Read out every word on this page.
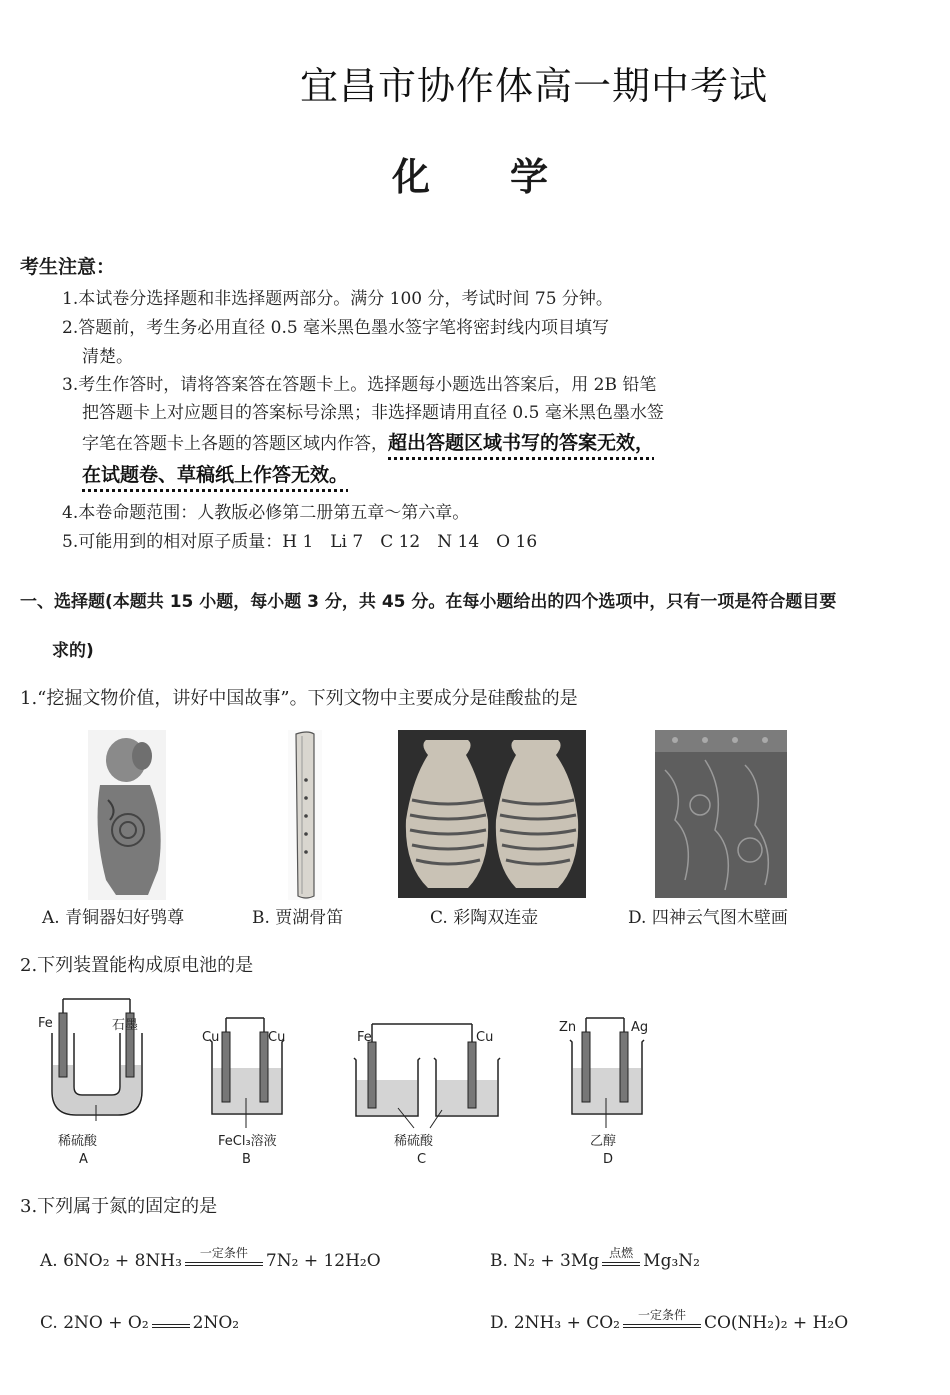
宜昌市协作体高一期中考试
化学
考生注意：
1.本试卷分选择题和非选择题两部分。满分 100 分，考试时间 75 分钟。
2.答题前，考生务必用直径 0.5 毫米黑色墨水签字笔将密封线内项目填写
清楚。
3.考生作答时，请将答案答在答题卡上。选择题每小题选出答案后，用 2B 铅笔
把答题卡上对应题目的答案标号涂黑；非选择题请用直径 0.5 毫米黑色墨水签
字笔在答题卡上各题的答题区域内作答，超出答题区域书写的答案无效，
在试题卷、草稿纸上作答无效。
4.本卷命题范围：人教版必修第二册第五章～第六章。
5.可能用到的相对原子质量：H 1　Li 7　C 12　N 14　O 16
一、选择题(本题共 15 小题，每小题 3 分，共 45 分。在每小题给出的四个选项中，只有一项是符合题目要
求的)
1.“挖掘文物价值，讲好中国故事”。下列文物中主要成分是硅酸盐的是
A. 青铜器妇好鸮尊	B. 贾湖骨笛	C. 彩陶双连壶	D. 四神云气图木壁画
2.下列装置能构成原电池的是
Fe	石墨
稀硫酸
A
Cu	Cu
FeCl₃溶液
B
Fe	Cu
稀硫酸
C
Zn	Ag
乙醇
D
3.下列属于氮的固定的是
A. 6NO₂ + 8NH₃	一定条件	7N₂ + 12H₂O	B. N₂ + 3Mg 点燃 Mg₃N₂
C. 2NO + O₂	2NO₂	D. 2NH₃ + CO₂	一定条件	CO(NH₂)₂ + H₂O
